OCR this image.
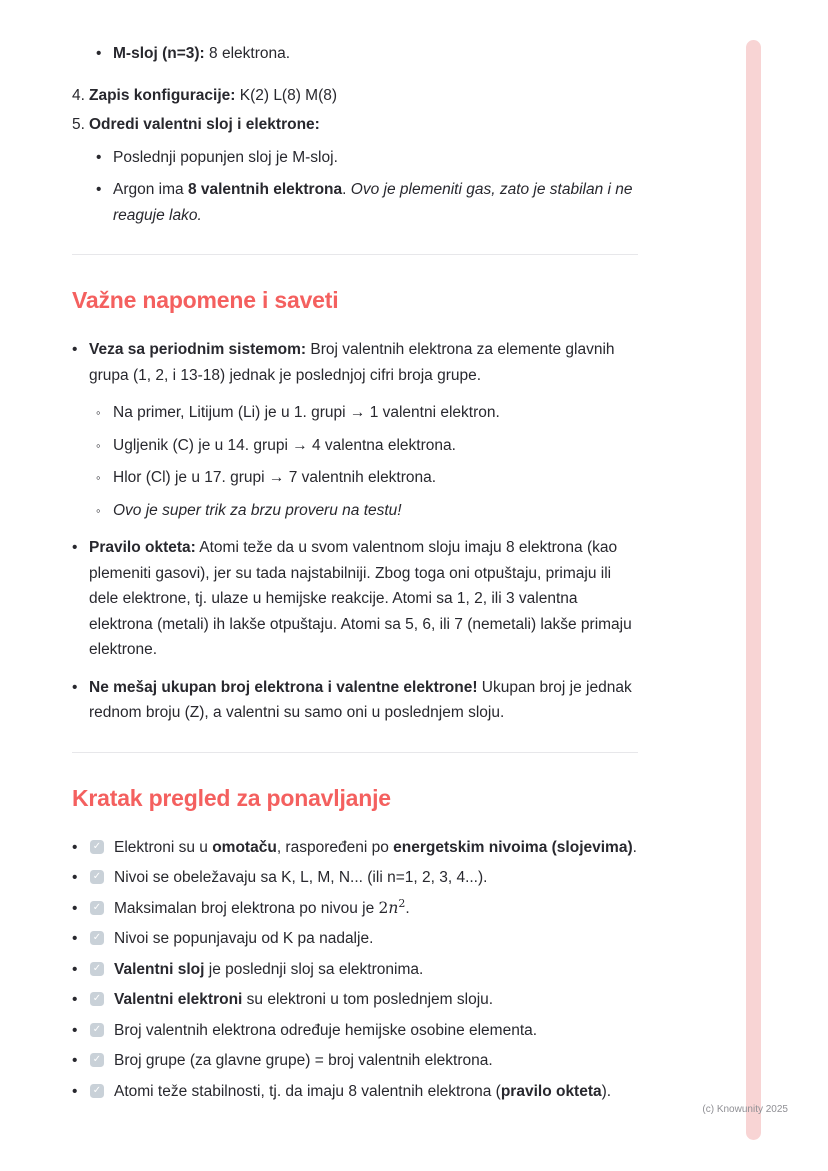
• M-sloj (n=3): 8 elektrona.
4. Zapis konfiguracije: K(2) L(8) M(8)
5. Odredi valentni sloj i elektrone:
• Poslednji popunjen sloj je M-sloj.
• Argon ima 8 valentnih elektrona. Ovo je plemeniti gas, zato je stabilan i ne reaguje lako.
Važne napomene i saveti
• Veza sa periodnim sistemom: Broj valentnih elektrona za elemente glavnih grupa (1, 2, i 13-18) jednak je poslednjoj cifri broja grupe.
◦ Na primer, Litijum (Li) je u 1. grupi → 1 valentni elektron.
◦ Ugljenik (C) je u 14. grupi → 4 valentna elektrona.
◦ Hlor (Cl) je u 17. grupi → 7 valentnih elektrona.
◦ Ovo je super trik za brzu proveru na testu!
• Pravilo okteta: Atomi teže da u svom valentnom sloju imaju 8 elektrona (kao plemeniti gasovi), jer su tada najstabilniji. Zbog toga oni otpuštaju, primaju ili dele elektrone, tj. ulaze u hemijske reakcije. Atomi sa 1, 2, ili 3 valentna elektrona (metali) ih lakše otpuštaju. Atomi sa 5, 6, ili 7 (nemetali) lakše primaju elektrone.
• Ne mešaj ukupan broj elektrona i valentne elektrone! Ukupan broj je jednak rednom broju (Z), a valentni su samo oni u poslednjem sloju.
Kratak pregled za ponavljanje
•	✓ Elektroni su u omotaču, raspoređeni po energetskim nivoima (slojevima).
•	✓ Nivoi se obeležavaju sa K, L, M, N... (ili n=1, 2, 3, 4...).
•	✓ Maksimalan broj elektrona po nivou je $2n^2$.
•	✓ Nivoi se popunjavaju od K pa nadalje.
•	✓ Valentni sloj je poslednji sloj sa elektronima.
•	✓ Valentni elektroni su elektroni u tom poslednjem sloju.
•	✓ Broj valentnih elektrona određuje hemijske osobine elementa.
•	✓ Broj grupe (za glavne grupe) = broj valentnih elektrona.
•	✓ Atomi teže stabilnosti, tj. da imaju 8 valentnih elektrona (pravilo okteta).
(c) Knowunity 2025
